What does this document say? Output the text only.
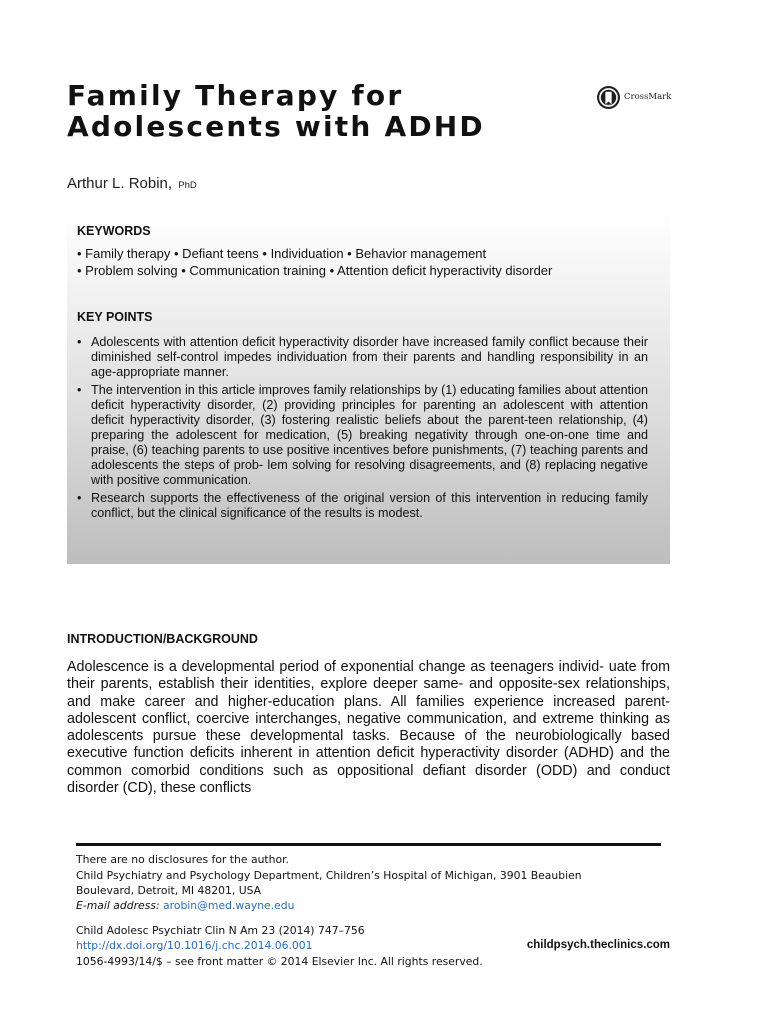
Family Therapy for
Adolescents with ADHD
CrossMark
Arthur L. Robin, PhD
KEYWORDS
• Family therapy • Defiant teens • Individuation • Behavior management
• Problem solving • Communication training • Attention deficit hyperactivity disorder
KEY POINTS
• Adolescents with attention deficit hyperactivity disorder have increased family conflict because their diminished self-control impedes individuation from their parents and handling responsibility in an age-appropriate manner.
• The intervention in this article improves family relationships by (1) educating families about attention deficit hyperactivity disorder, (2) providing principles for parenting an adolescent with attention deficit hyperactivity disorder, (3) fostering realistic beliefs about the parent-teen relationship, (4) preparing the adolescent for medication, (5) breaking negativity through one-on-one time and praise, (6) teaching parents to use positive incentives before punishments, (7) teaching parents and adolescents the steps of prob- lem solving for resolving disagreements, and (8) replacing negative with positive communication.
• Research supports the effectiveness of the original version of this intervention in reducing family conflict, but the clinical significance of the results is modest.
INTRODUCTION/BACKGROUND

Adolescence is a developmental period of exponential change as teenagers individ- uate from their parents, establish their identities, explore deeper same- and opposite-sex relationships, and make career and higher-education plans. All families experience increased parent-adolescent conflict, coercive interchanges, negative communication, and extreme thinking as adolescents pursue these developmental tasks. Because of the neurobiologically based executive function deficits inherent in attention deficit hyperactivity disorder (ADHD) and the common comorbid conditions such as oppositional defiant disorder (ODD) and conduct disorder (CD), these conflicts

There are no disclosures for the author.
Child Psychiatry and Psychology Department, Children’s Hospital of Michigan, 3901 Beaubien
Boulevard, Detroit, MI 48201, USA
E-mail address: arobin@med.wayne.edu
Child Adolesc Psychiatr Clin N Am 23 (2014) 747–756
http://dx.doi.org/10.1016/j.chc.2014.06.001	childpsych.theclinics.com
1056-4993/14/$ – see front matter © 2014 Elsevier Inc. All rights reserved.
